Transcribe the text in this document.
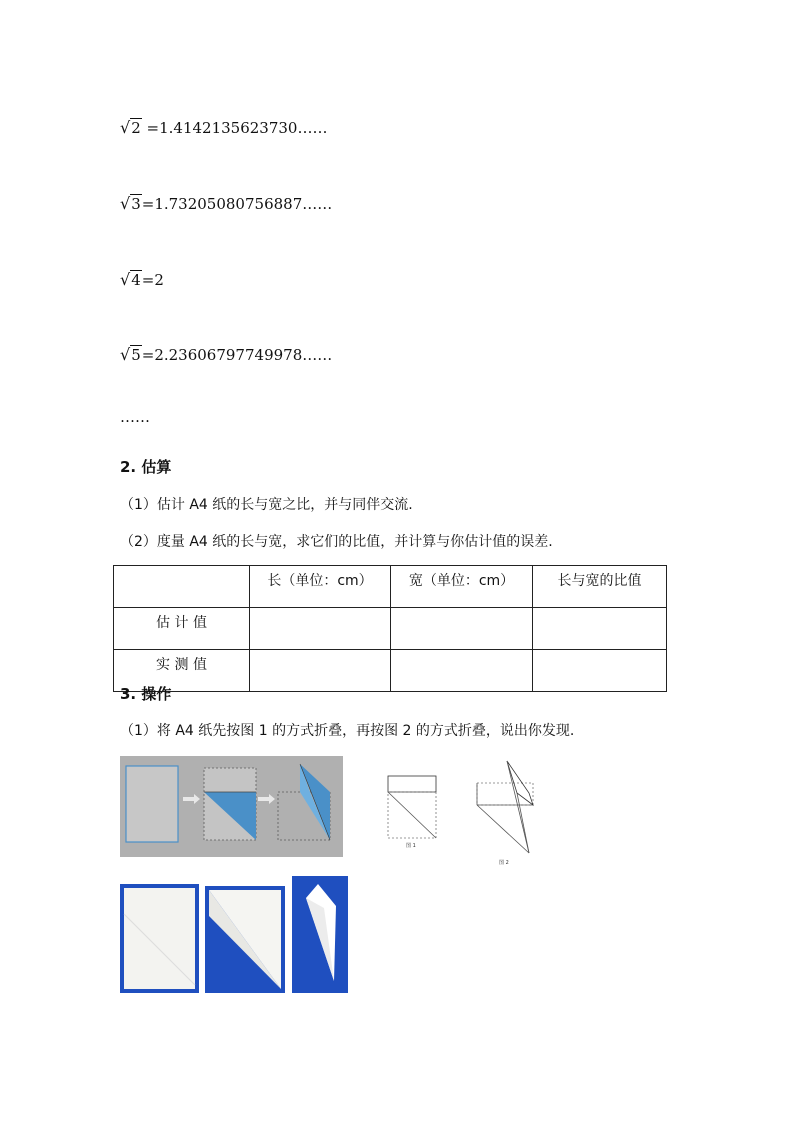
√2 =1.4142135623730……
√3=1.73205080756887……
√4=2
√5=2.23606797749978……
……
2. 估算
（1）估计 A4 纸的长与宽之比，并与同伴交流.
（2）度量 A4 纸的长与宽，求它们的比值，并计算与你估计值的误差.
	长（单位：cm）	宽（单位：cm）	长与宽的比值
估 计 值			
实 测 值			
3. 操作
（1）将 A4 纸先按图 1 的方式折叠，再按图 2 的方式折叠，说出你发现.
图 1
图 2
